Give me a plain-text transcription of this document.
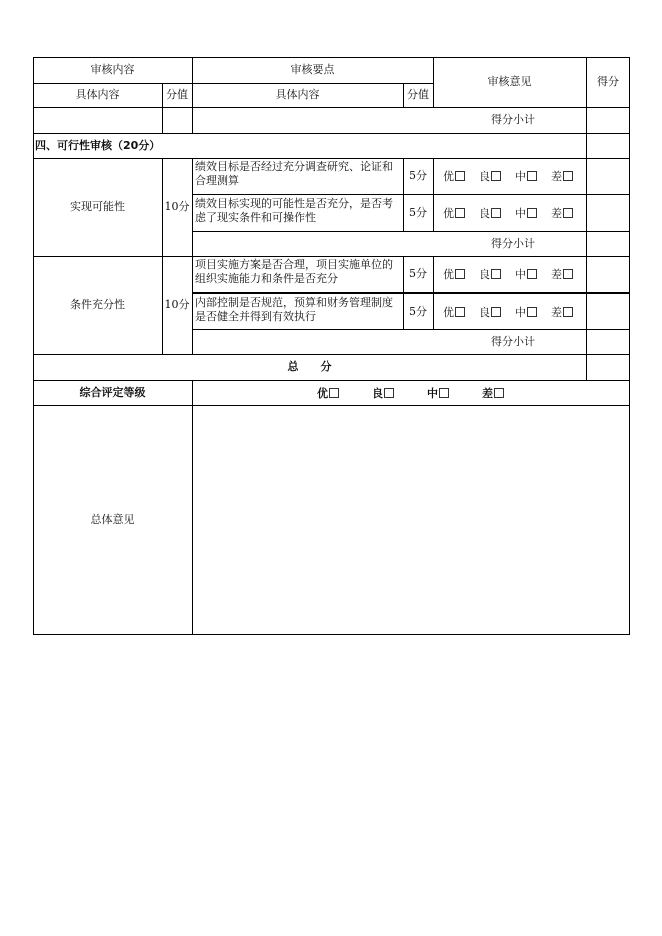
审核内容	审核要点
审核意见	得分
具体内容	分值	具体内容	分值
得分小计
四、可行性审核（20分）
实现可能性	10分
绩效目标是否经过充分调查研究、论证和合理测算	5分	优	良	中	差
绩效目标实现的可能性是否充分，是否考虑了现实条件和可操作性	5分	优	良	中	差
得分小计
条件充分性	10分
项目实施方案是否合理，项目实施单位的组织实施能力和条件是否充分	5分	优	良	中	差
内部控制是否规范，预算和财务管理制度是否健全并得到有效执行	5分	优	良	中	差
得分小计
总　　分
综合评定等级	优	良	中	差
总体意见
